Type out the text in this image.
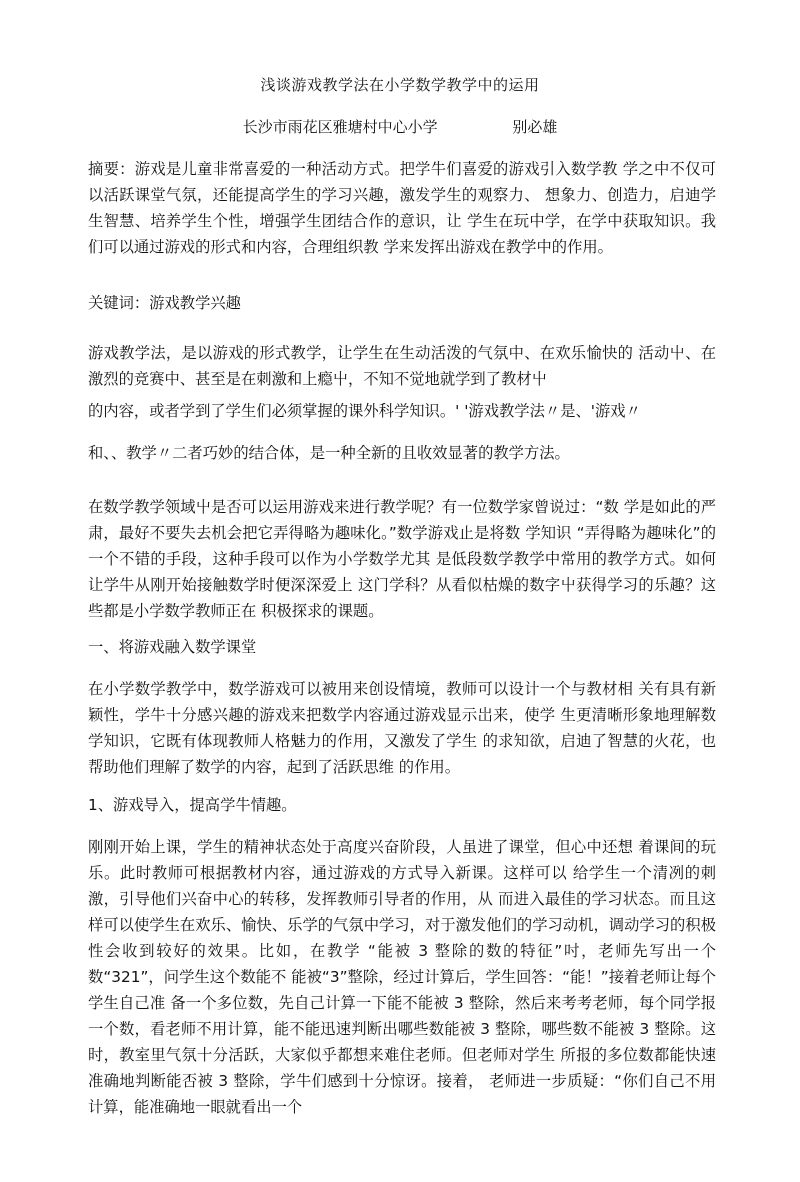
浅谈游戏教学法在小学数学教学中的运用
长沙市雨花区雅塘村中心小学	别必雄

摘要：游戏是儿童非常喜爱的一种活动方式。把学牛们喜爱的游戏引入数学教 学之中不仅可以活跃课堂气氛，还能提高学生的学习兴趣，激发学生的观察力、 想象力、创造力，启迪学生智慧、培养学生个性，增强学生团结合作的意识，让 学生在玩中学，在学中获取知识。我们可以通过游戏的形式和内容，合理组织教 学来发挥出游戏在教学中的作用。

关键词：游戏教学兴趣

游戏教学法，是以游戏的形式教学，让学生在生动活泼的气氛中、在欢乐愉快的 活动屮、在激烈的竞赛中、甚至是在刺激和上瘾屮，不知不觉地就学到了教材屮

的内容，或者学到了学生们必须掌握的课外科学知识。' '游戏教学法〃是、'游戏〃

和、、教学〃二者巧妙的结合体，是一种全新的且收效显著的教学方法。

在数学教学领域屮是否可以运用游戏来进行教学呢？有一位数学家曾说过：“数 学是如此的严肃，最好不要失去机会把它弄得略为趣味化。”数学游戏止是将数 学知识 “弄得略为趣味化”的一个不错的手段，这种手段可以作为小学数学尤其 是低段数学教学中常用的教学方式。如何让学牛从刚开始接触数学时便深深爱上 这门学科？从看似枯燥的数字屮获得学习的乐趣？这些都是小学数学教师正在 积极探求的课题。

一、将游戏融入数学课堂

在小学数学教学中，数学游戏可以被用来创设情境，教师可以设计一个与教材相 关有具有新颖性，学牛十分感兴趣的游戏来把数学内容通过游戏显示岀来，使学 生更清晰形象地理解数学知识，它既有体现教师人格魅力的作用，又激发了学生 的求知欲，启迪了智慧的火花，也帮助他们理解了数学的内容，起到了活跃思维 的作用。

1、游戏导入，提高学牛情趣。

刚刚开始上课，学生的精神状态处于高度兴奋阶段，人虽进了课堂，但心中还想 着课间的玩乐。此时教师可根据教材内容，通过游戏的方式导入新课。这样可以 给学生一个清冽的刺激，引导他们兴奋中心的转移，发挥教师引导者的作用，从 而进入最佳的学习状态。而且这样可以使学生在欢乐、愉快、乐学的气氛中学习，对于激发他们的学习动机，调动学习的积极性会收到较好的效果。比如，在教学 “能被 3 整除的数的特征”吋，老师先写出一个数“321”，问学生这个数能不 能被“3”整除，经过计算后，学生回答：“能！”接着老师让每个学生自己准 备一个多位数，先自己计算一下能不能被 3 整除，然后来考考老师，每个同学报 一个数，看老师不用计算，能不能迅速判断出哪些数能被 3 整除，哪些数不能被 3 整除。这时，教室里气氛十分活跃，大家似乎都想来难住老师。但老师对学生 所报的多位数都能快速准确地判断能否被 3 整除，学牛们感到十分惊讶。接着， 老师进一步质疑：“你们自己不用计算，能准确地一眼就看出一个
